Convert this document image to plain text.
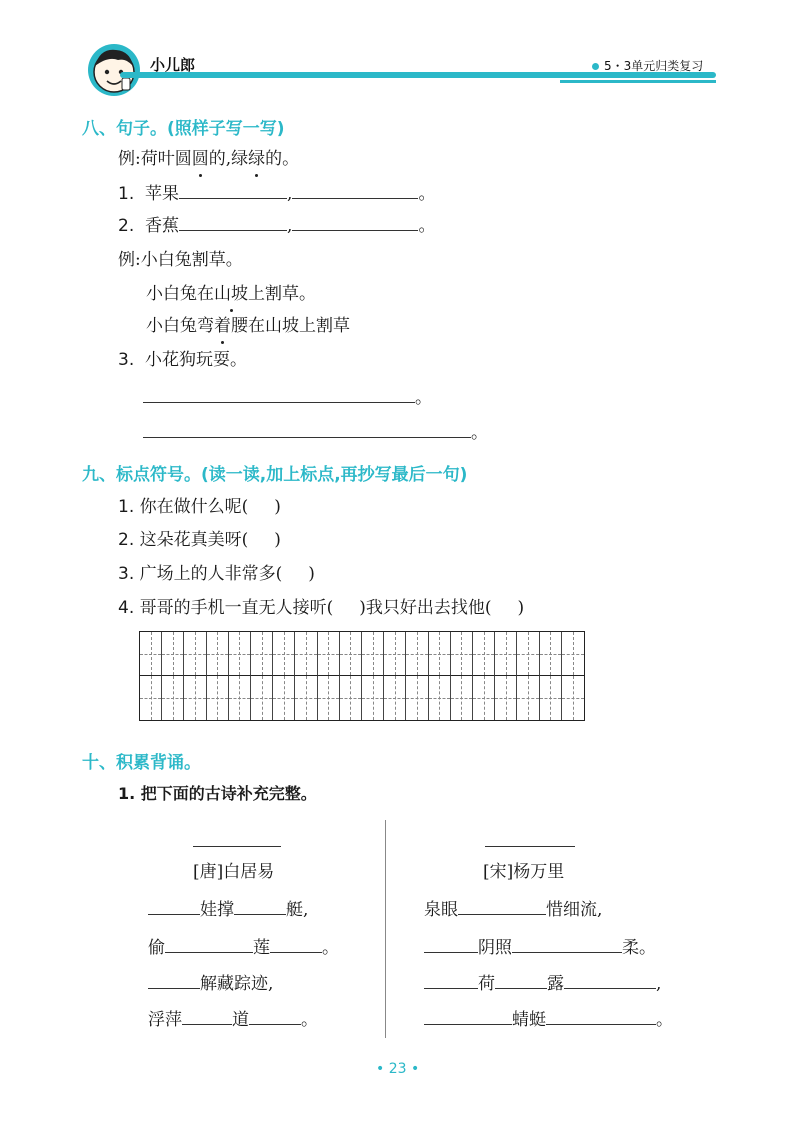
小儿郎	5・3单元归类复习
八、句子。(照样子写一写)
例:荷叶圆圆的,绿绿的。
1. 苹果	,	。
2. 香蕉	,	。
例:小白兔割草。
小白兔在山坡上割草。
小白兔弯着腰在山坡上割草
3. 小花狗玩耍。
。
。
九、标点符号。(读一读,加上标点,再抄写最后一句)
1. 你在做什么呢( )
2. 这朵花真美呀( )
3. 广场上的人非常多( )
4. 哥哥的手机一直无人接听( )我只好出去找他( )
十、积累背诵。
1. 把下面的古诗补充完整。
[唐]白居易
娃撑	艇,
偷	莲	。
解藏踪迹,
浮萍	道	。
[宋]杨万里
泉眼	惜细流,
阴照	柔。
荷	露	,
蜻蜓	。
• 23 •
